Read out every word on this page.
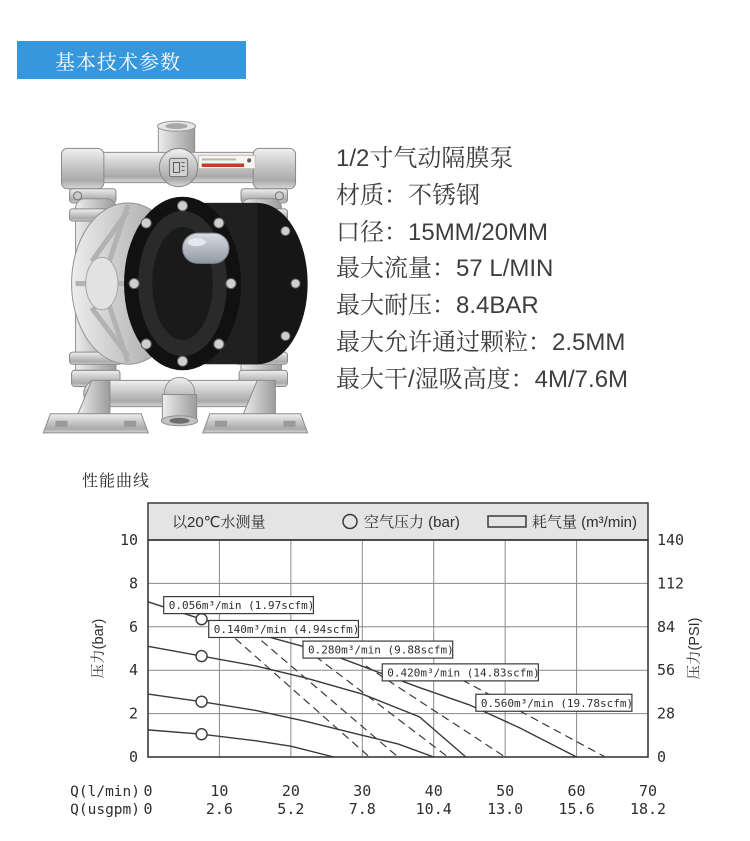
基本技术参数
1/2寸气动隔膜泵
材质：不锈钢
口径：15MM/20MM
最大流量：57 L/MIN
最大耐压：8.4BAR
最大允许通过颗粒：2.5MM
最大干/湿吸高度：4M/7.6M
性能曲线
以20℃水测量	空气压力 (bar)	耗气量 (m³/min)
0.056m³/min (1.97scfm)
0.140m³/min (4.94scfm)
0.280m³/min (9.88scfm)
0.420m³/min (14.83scfm)
0.560m³/min (19.78scfm)
10
8
6
4
2
0
140
112
84
56
28
0
0	10	20	30	40	50	60	70
0	2.6	5.2	7.8	10.4 13.0 15.6 18.2
Q(l/min)
Q(usgpm)
压力(bar)	压力(PSI)
